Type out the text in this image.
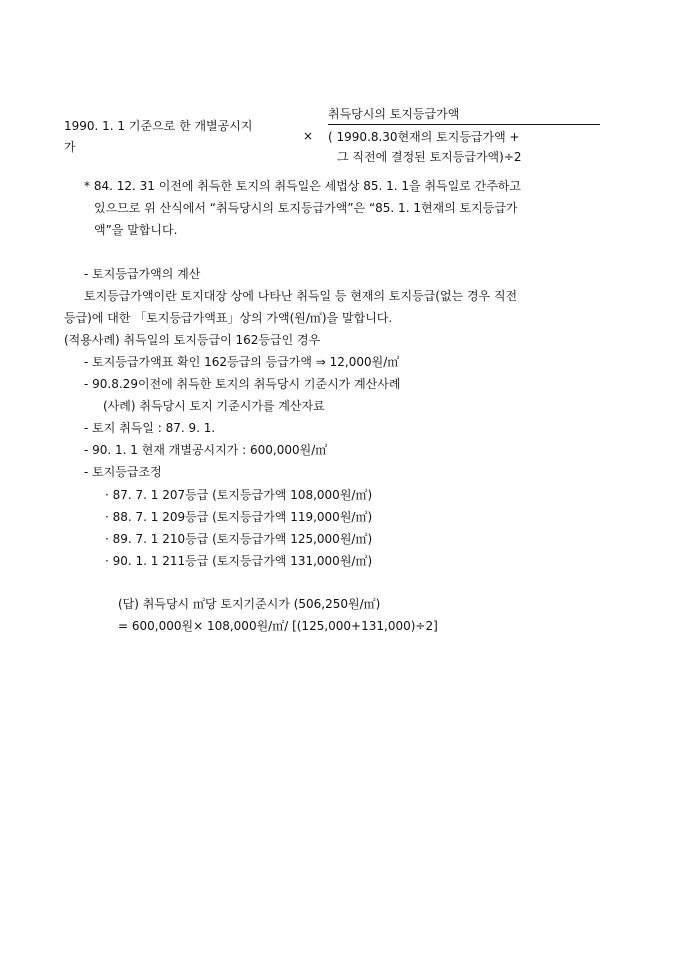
1990. 1. 1 기준으로 한 개별공시지
가
×
취득당시의 토지등급가액
( 1990.8.30현재의 토지등급가액 +
그 직전에 결정된 토지등급가액)÷2
* 84. 12. 31 이전에 취득한 토지의 취득일은 세법상 85. 1. 1을 취득일로 간주하고
있으므로 위 산식에서 “취득당시의 토지등급가액”은 “85. 1. 1현재의 토지등급가
액”을 말합니다.
- 토지등급가액의 계산
토지등급가액이란 토지대장 상에 나타난 취득일 등 현재의 토지등급(없는 경우 직전
등급)에 대한 「토지등급가액표」상의 가액(원/㎡)을 말합니다.
(적용사례) 취득일의 토지등급이 162등급인 경우
- 토지등급가액표 확인 162등급의 등급가액 ⇒ 12,000원/㎡
- 90.8.29이전에 취득한 토지의 취득당시 기준시가 계산사례
(사례) 취득당시 토지 기준시가를 계산자료
- 토지 취득일 : 87. 9. 1.
- 90. 1. 1 현재 개별공시지가 : 600,000원/㎡
- 토지등급조정
· 87. 7. 1 207등급 (토지등급가액 108,000원/㎡)
· 88. 7. 1 209등급 (토지등급가액 119,000원/㎡)
· 89. 7. 1 210등급 (토지등급가액 125,000원/㎡)
· 90. 1. 1 211등급 (토지등급가액 131,000원/㎡)
(답) 취득당시 ㎡당 토지기준시가 (506,250원/㎡)
= 600,000원× 108,000원/㎡/ [(125,000+131,000)÷2]
